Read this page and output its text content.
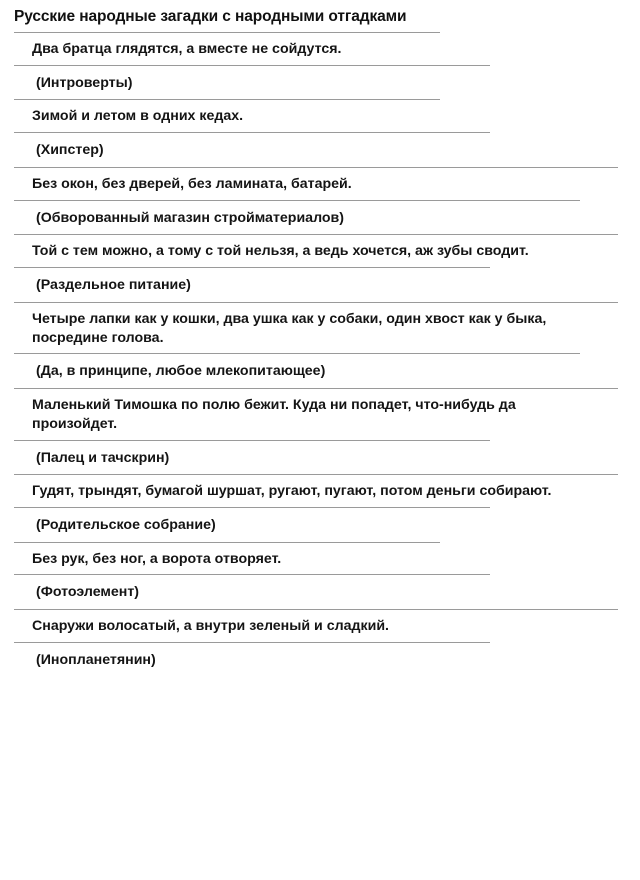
Русские народные загадки с народными отгадками
Два братца глядятся, а вместе не сойдутся.
(Интроверты)
Зимой и летом в одних кедах.
(Хипстер)
Без окон, без дверей, без ламината, батарей.
(Обворованный магазин стройматериалов)
Той с тем можно, а тому с той нельзя, а ведь хочется, аж зубы сводит.
(Раздельное питание)
Четыре лапки как у кошки, два ушка как у собаки, один хвост как у быка, посредине голова.
(Да, в принципе, любое млекопитающее)
Маленький Тимошка по полю бежит. Куда ни попадет, что-нибудь да произойдет.
(Палец и тачскрин)
Гудят, трындят, бумагой шуршат, ругают, пугают, потом деньги собирают.
(Родительское собрание)
Без рук, без ног, а ворота отворяет.
(Фотоэлемент)
Снаружи волосатый, а внутри зеленый и сладкий.
(Инопланетянин)
